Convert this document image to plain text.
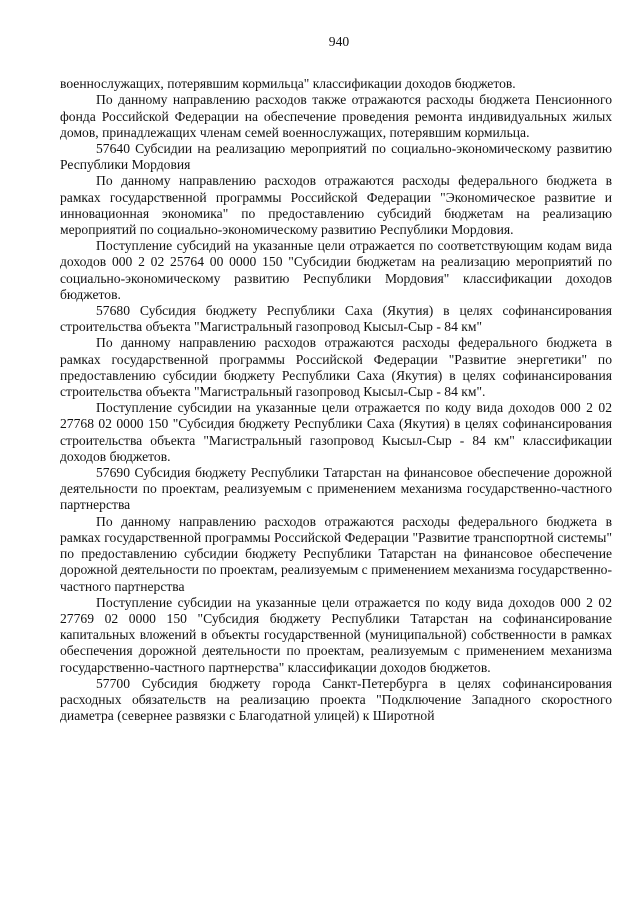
940

военнослужащих, потерявшим кормильца" классификации доходов бюджетов.

По данному направлению расходов также отражаются расходы бюджета Пенсионного фонда Российской Федерации на обеспечение проведения ремонта индивидуальных жилых домов, принадлежащих членам семей военнослужащих, потерявшим кормильца.

57640 Субсидии на реализацию мероприятий по социально-экономическому развитию Республики Мордовия

По данному направлению расходов отражаются расходы федерального бюджета в рамках государственной программы Российской Федерации "Экономическое развитие и инновационная экономика" по предоставлению субсидий бюджетам на реализацию мероприятий по социально-экономическому развитию Республики Мордовия.

Поступление субсидий на указанные цели отражается по соответствующим кодам вида доходов 000 2 02 25764 00 0000 150 "Субсидии бюджетам на реализацию мероприятий по социально-экономическому развитию Республики Мордовия" классификации доходов бюджетов.

57680 Субсидия бюджету Республики Саха (Якутия) в целях софинансирования строительства объекта "Магистральный газопровод Кысыл-Сыр - 84 км"

По данному направлению расходов отражаются расходы федерального бюджета в рамках государственной программы Российской Федерации "Развитие энергетики" по предоставлению субсидии бюджету Республики Саха (Якутия) в целях софинансирования строительства объекта "Магистральный газопровод Кысыл-Сыр - 84 км".

Поступление субсидии на указанные цели отражается по коду вида доходов 000 2 02 27768 02 0000 150 "Субсидия бюджету Республики Саха (Якутия) в целях софинансирования строительства объекта "Магистральный газопровод Кысыл-Сыр - 84 км" классификации доходов бюджетов.

57690 Субсидия бюджету Республики Татарстан на финансовое обеспечение дорожной деятельности по проектам, реализуемым с применением механизма государственно-частного партнерства

По данному направлению расходов отражаются расходы федерального бюджета в рамках государственной программы Российской Федерации "Развитие транспортной системы" по предоставлению субсидии бюджету Республики Татарстан на финансовое обеспечение дорожной деятельности по проектам, реализуемым с применением механизма государственно-частного партнерства

Поступление субсидии на указанные цели отражается по коду вида доходов 000 2 02 27769 02 0000 150 "Субсидия бюджету Республики Татарстан на софинансирование капитальных вложений в объекты государственной (муниципальной) собственности в рамках обеспечения дорожной деятельности по проектам, реализуемым с применением механизма государственно-частного партнерства" классификации доходов бюджетов.

57700 Субсидия бюджету города Санкт-Петербурга в целях софинансирования расходных обязательств на реализацию проекта "Подключение Западного скоростного диаметра (севернее развязки с Благодатной улицей) к Широтной
